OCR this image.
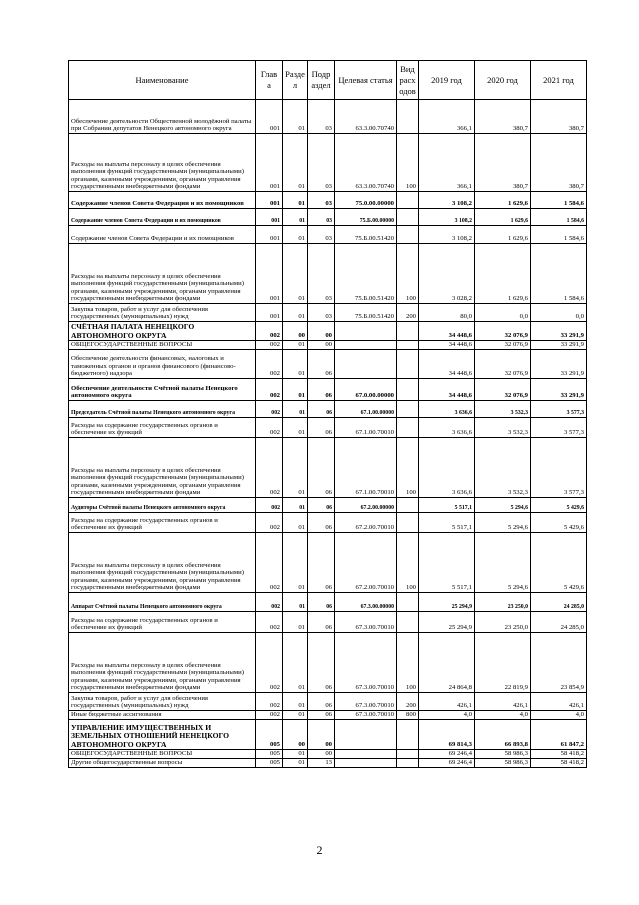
Наименование	Глав а	Разде л	Подр аздел	Целевая статья	Вид расх одов	2019 год	2020 год	2021 год
Обеспечение деятельности Общественной молодёжной палаты при Собрании депутатов Ненецкого автономного округа	001	01	03	63.3.00.70740		366,1	380,7	380,7
Расходы на выплаты персоналу в целях обеспечения выполнения функций государственными (муниципальными) органами, казенными учреждениями, органами управления государственными внебюджетными фондами	001	01	03	63.3.00.70740	100	366,1	380,7	380,7
Содержание членов Совета Федерации и их помощников	001	01	03	75.0.00.00000		3 108,2	1 629,6	1 584,6
Содержание членов Совета Федерации и их помощников	001	01	03	75.Б.00.00000		3 108,2	1 629,6	1 584,6
Содержание членов Совета Федерации и их помощников	001	01	03	75.Б.00.51420		3 108,2	1 629,6	1 584,6
Расходы на выплаты персоналу в целях обеспечения выполнения функций государственными (муниципальными) органами, казенными учреждениями, органами управления государственными внебюджетными фондами	001	01	03	75.Б.00.51420	100	3 028,2	1 629,6	1 584,6
Закупка товаров, работ и услуг для обеспечения государственных (муниципальных) нужд	001	01	03	75.Б.00.51420	200	80,0	0,0	0,0
СЧЁТНАЯ ПАЛАТА НЕНЕЦКОГО АВТОНОМНОГО ОКРУГА	002	00	00			34 448,6	32 076,9	33 291,9
ОБЩЕГОСУДАРСТВЕННЫЕ ВОПРОСЫ	002	01	00			34 448,6	32 076,9	33 291,9
Обеспечение деятельности финансовых, налоговых и таможенных органов и органов финансового (финансово-бюджетного) надзора	002	01	06			34 448,6	32 076,9	33 291,9
Обеспечение деятельности Счётной палаты Ненецкого автономного округа	002	01	06	67.0.00.00000		34 448,6	32 076,9	33 291,9
Председатель Счётной палаты Ненецкого автономного округа	002	01	06	67.1.00.00000		3 636,6	3 532,3	3 577,3
Расходы на содержание государственных органов и обеспечение их функций	002	01	06	67.1.00.70010		3 636,6	3 532,3	3 577,3
Расходы на выплаты персоналу в целях обеспечения выполнения функций государственными (муниципальными) органами, казенными учреждениями, органами управления государственными внебюджетными фондами	002	01	06	67.1.00.70010	100	3 636,6	3 532,3	3 577,3
Аудиторы Счётной палаты Ненецкого автономного округа	002	01	06	67.2.00.00000		5 517,1	5 294,6	5 429,6
Расходы на содержание государственных органов и обеспечение их функций	002	01	06	67.2.00.70010		5 517,1	5 294,6	5 429,6
Расходы на выплаты персоналу в целях обеспечения выполнения функций государственными (муниципальными) органами, казенными учреждениями, органами управления государственными внебюджетными фондами	002	01	06	67.2.00.70010	100	5 517,1	5 294,6	5 429,6
Аппарат Счётной палаты Ненецкого автономного округа	002	01	06	67.3.00.00000		25 294,9	23 250,0	24 285,0
Расходы на содержание государственных органов и обеспечение их функций	002	01	06	67.3.00.70010		25 294,9	23 250,0	24 285,0
Расходы на выплаты персоналу в целях обеспечения выполнения функций государственными (муниципальными) органами, казенными учреждениями, органами управления государственными внебюджетными фондами	002	01	06	67.3.00.70010	100	24 864,8	22 819,9	23 854,9
Закупка товаров, работ и услуг для обеспечения государственных (муниципальных) нужд	002	01	06	67.3.00.70010	200	426,1	426,1	426,1
Иные бюджетные ассигнования	002	01	06	67.3.00.70010	800	4,0	4,0	4,0
УПРАВЛЕНИЕ ИМУЩЕСТВЕННЫХ И ЗЕМЕЛЬНЫХ ОТНОШЕНИЙ НЕНЕЦКОГО АВТОНОМНОГО ОКРУГА	005	00	00			69 814,3	66 893,8	61 847,2
ОБЩЕГОСУДАРСТВЕННЫЕ ВОПРОСЫ	005	01	00			69 246,4	58 986,3	58 418,2
Другие общегосударственные вопросы	005	01	13			69 246,4	58 986,3	58 418,2
2
